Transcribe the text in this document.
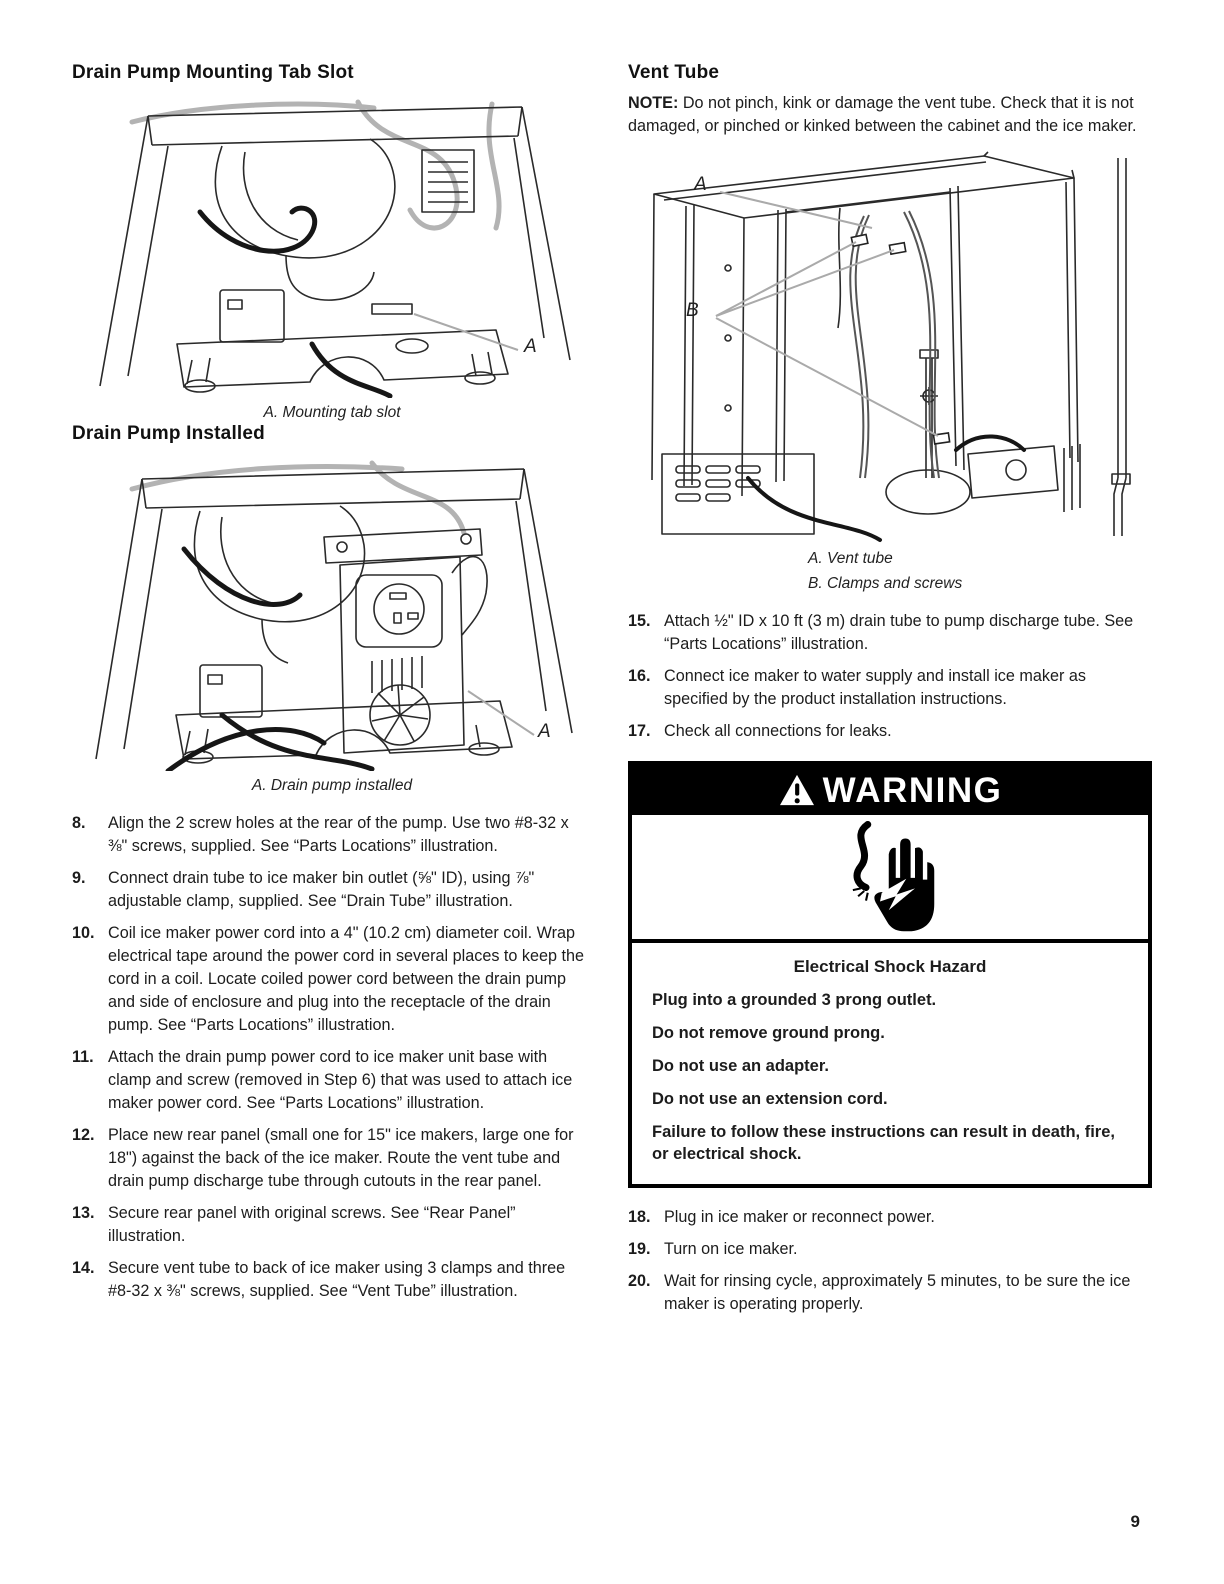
Drain Pump Mounting Tab Slot
A
A. Mounting tab slot
Drain Pump Installed
A
A. Drain pump installed
8.	Align the 2 screw holes at the rear of the pump. Use two #8-32 x ⅜" screws, supplied. See “Parts Locations” illustration.
9.	Connect drain tube to ice maker bin outlet (⅝" ID), using ⅞" adjustable clamp, supplied. See “Drain Tube” illustration.
10. Coil ice maker power cord into a 4" (10.2 cm) diameter coil. Wrap electrical tape around the power cord in several places to keep the cord in a coil. Locate coiled power cord between the drain pump and side of enclosure and plug into the receptacle of the drain pump. See “Parts Locations” illustration.
11. Attach the drain pump power cord to ice maker unit base with clamp and screw (removed in Step 6) that was used to attach ice maker power cord. See “Parts Locations” illustration.
12. Place new rear panel (small one for 15" ice makers, large one for 18") against the back of the ice maker. Route the vent tube and drain pump discharge tube through cutouts in the rear panel.
13. Secure rear panel with original screws. See “Rear Panel” illustration.
14. Secure vent tube to back of ice maker using 3 clamps and three #8-32 x ⅜" screws, supplied. See “Vent Tube” illustration.
Vent Tube

NOTE: Do not pinch, kink or damage the vent tube. Check that it is not damaged, or pinched or kinked between the cabinet and the ice maker.

A
B
A. Vent tube
B. Clamps and screws
15. Attach ½" ID x 10 ft (3 m) drain tube to pump discharge tube. See “Parts Locations” illustration.
16. Connect ice maker to water supply and install ice maker as specified by the product installation instructions.
17. Check all connections for leaks.
WARNING
Electrical Shock Hazard

Plug into a grounded 3 prong outlet.

Do not remove ground prong.

Do not use an adapter.

Do not use an extension cord.

Failure to follow these instructions can result in death, fire, or electrical shock.

18. Plug in ice maker or reconnect power.
19. Turn on ice maker.
20. Wait for rinsing cycle, approximately 5 minutes, to be sure the ice maker is operating properly.
9
